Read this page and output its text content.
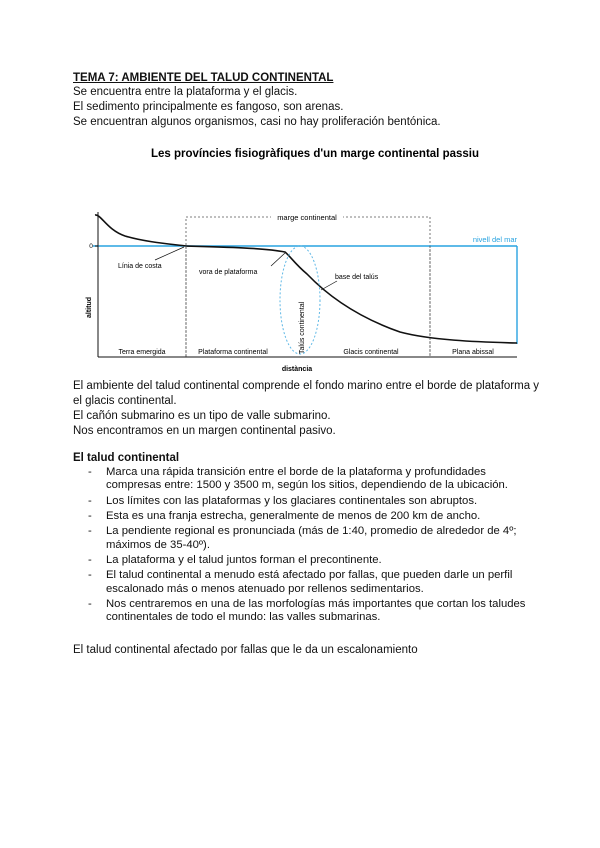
TEMA 7: AMBIENTE DEL TALUD CONTINENTAL
Se encuentra entre la plataforma y el glacis.
El sedimento principalmente es fangoso, son arenas.
Se encuentran algunos organismos, casi no hay proliferación bentónica.
Les províncies fisiogràfiques d'un marge continental passiu
marge continental
nivell del mar
0
altitud
distància
Línia de costa
vora de plataforma
base del talús
Talús continental
Terra emergida	Plataforma continental	Glacis continental	Plana abissal
El ambiente del talud continental comprende el fondo marino entre el borde de plataforma y
el glacis continental.
El cañón submarino es un tipo de valle submarino.
Nos encontramos en un margen continental pasivo.
El talud continental
- Marca una rápida transición entre el borde de la plataforma y profundidades compresas entre: 1500 y 3500 m, según los sitios, dependiendo de la ubicación.
- Los límites con las plataformas y los glaciares continentales son abruptos.
- Esta es una franja estrecha, generalmente de menos de 200 km de ancho.
- La pendiente regional es pronunciada (más de 1:40, promedio de alrededor de 4º; máximos de 35-40º).
- La plataforma y el talud juntos forman el precontinente.
- El talud continental a menudo está afectado por fallas, que pueden darle un perfil escalonado más o menos atenuado por rellenos sedimentarios.
- Nos centraremos en una de las morfologías más importantes que cortan los taludes continentales de todo el mundo: las valles submarinas.
El talud continental afectado por fallas que le da un escalonamiento
